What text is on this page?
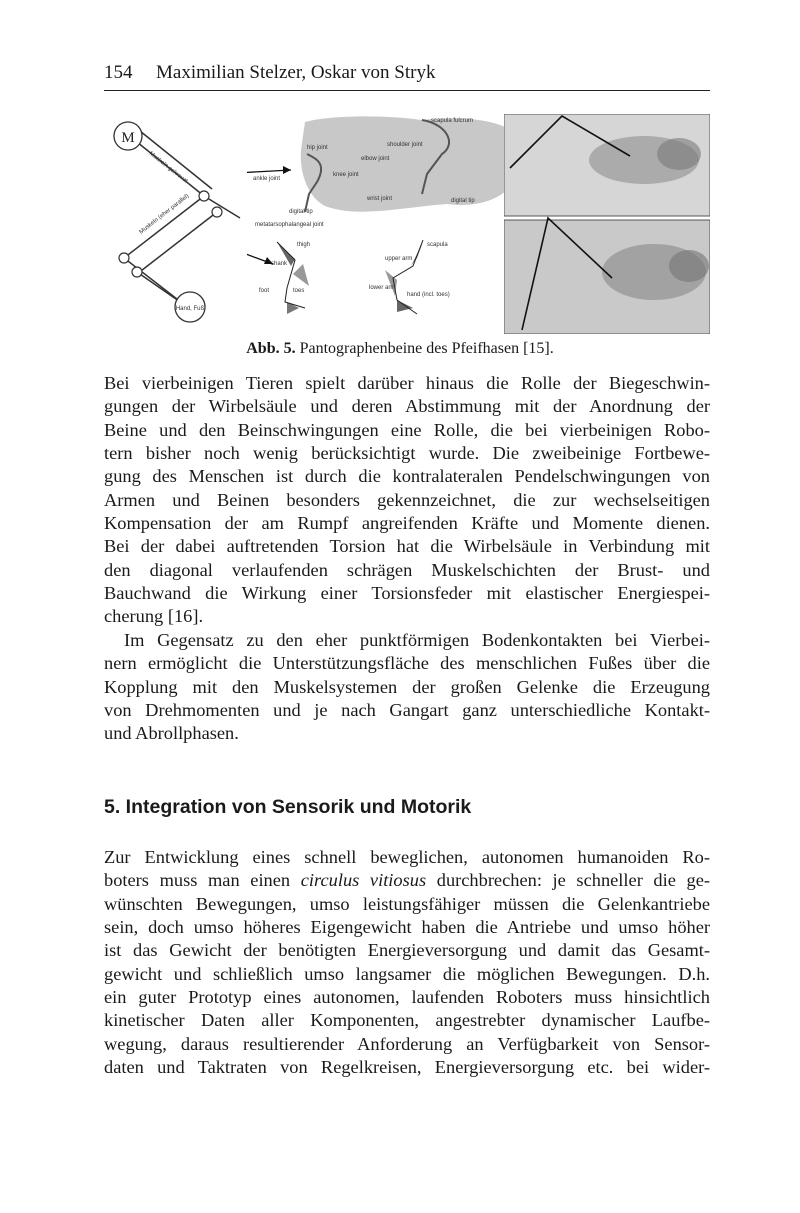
154 Maximilian Stelzer, Oskar von Stryk
M
Hand, Fuß
Muskeln gekreuzt
Muskeln (eher parallel)
scapula fulcrum
shoulder joint
elbow joint
hip joint
ankle joint
knee joint
wrist joint	digital tip
digital tip
metatarsophalangeal joint
thigh
shank
foot	toes
scapula
upper arm
lower arm
hand (incl. toes)
Abb. 5. Pantographenbeine des Pfeifhasen [15].
Bei vierbeinigen Tieren spielt darüber hinaus die Rolle der Biegeschwin-
gungen der Wirbelsäule und deren Abstimmung mit der Anordnung der
Beine und den Beinschwingungen eine Rolle, die bei vierbeinigen Robo-
tern bisher noch wenig berücksichtigt wurde. Die zweibeinige Fortbewe-
gung des Menschen ist durch die kontralateralen Pendelschwingungen von
Armen und Beinen besonders gekennzeichnet, die zur wechselseitigen
Kompensation der am Rumpf angreifenden Kräfte und Momente dienen.
Bei der dabei auftretenden Torsion hat die Wirbelsäule in Verbindung mit
den diagonal verlaufenden schrägen Muskelschichten der Brust- und
Bauchwand die Wirkung einer Torsionsfeder mit elastischer Energiespei-
cherung [16].
Im Gegensatz zu den eher punktförmigen Bodenkontakten bei Vierbei-
nern ermöglicht die Unterstützungsfläche des menschlichen Fußes über die
Kopplung mit den Muskelsystemen der großen Gelenke die Erzeugung
von Drehmomenten und je nach Gangart ganz unterschiedliche Kontakt-
und Abrollphasen.
5. Integration von Sensorik und Motorik
Zur Entwicklung eines schnell beweglichen, autonomen humanoiden Ro-
boters muss man einen circulus vitiosus durchbrechen: je schneller die ge-
wünschten Bewegungen, umso leistungsfähiger müssen die Gelenkantriebe
sein, doch umso höheres Eigengewicht haben die Antriebe und umso höher
ist das Gewicht der benötigten Energieversorgung und damit das Gesamt-
gewicht und schließlich umso langsamer die möglichen Bewegungen. D.h.
ein guter Prototyp eines autonomen, laufenden Roboters muss hinsichtlich
kinetischer Daten aller Komponenten, angestrebter dynamischer Laufbe-
wegung, daraus resultierender Anforderung an Verfügbarkeit von Sensor-
daten und Taktraten von Regelkreisen, Energieversorgung etc. bei wider-
